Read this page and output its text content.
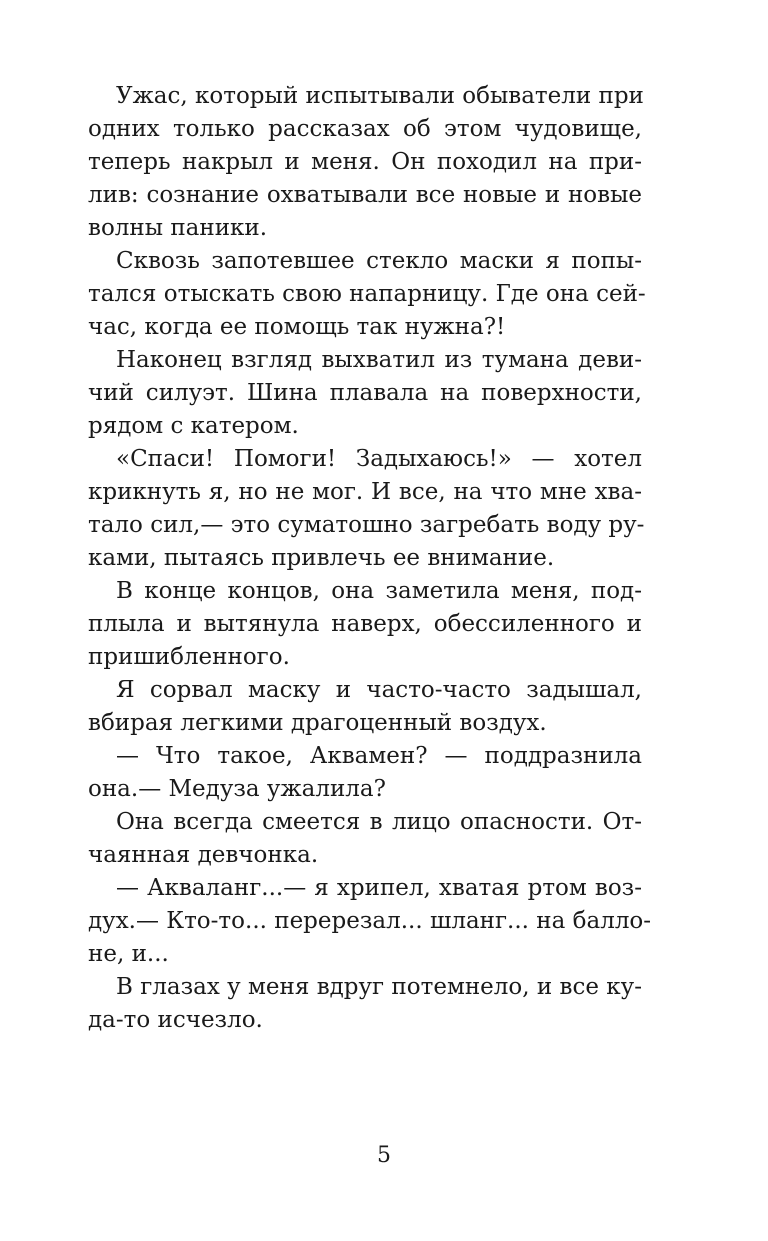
Ужас, который испытывали обыватели при
одних только рассказах об этом чудовище,
теперь накрыл и меня. Он походил на при-
лив: сознание охватывали все новые и новые
волны паники.
Сквозь запотевшее стекло маски я попы-
тался отыскать свою напарницу. Где она сей-
час, когда ее помощь так нужна?!
Наконец взгляд выхватил из тумана деви-
чий силуэт. Шина плавала на поверхности,
рядом с катером.
«Спаси! Помоги! Задыхаюсь!» — хотел
крикнуть я, но не мог. И все, на что мне хва-
тало сил,— это суматошно загребать воду ру-
ками, пытаясь привлечь ее внимание.
В конце концов, она заметила меня, под-
плыла и вытянула наверх, обессиленного и
пришибленного.
Я сорвал маску и часто-часто задышал,
вбирая легкими драгоценный воздух.
— Что такое, Аквамен? — поддразнила
она.— Медуза ужалила?
Она всегда смеется в лицо опасности. От-
чаянная девчонка.
— Акваланг...— я хрипел, хватая ртом воз-
дух.— Кто-то... перерезал... шланг... на балло-
не, и...
В глазах у меня вдруг потемнело, и все ку-
да-то исчезло.
5
